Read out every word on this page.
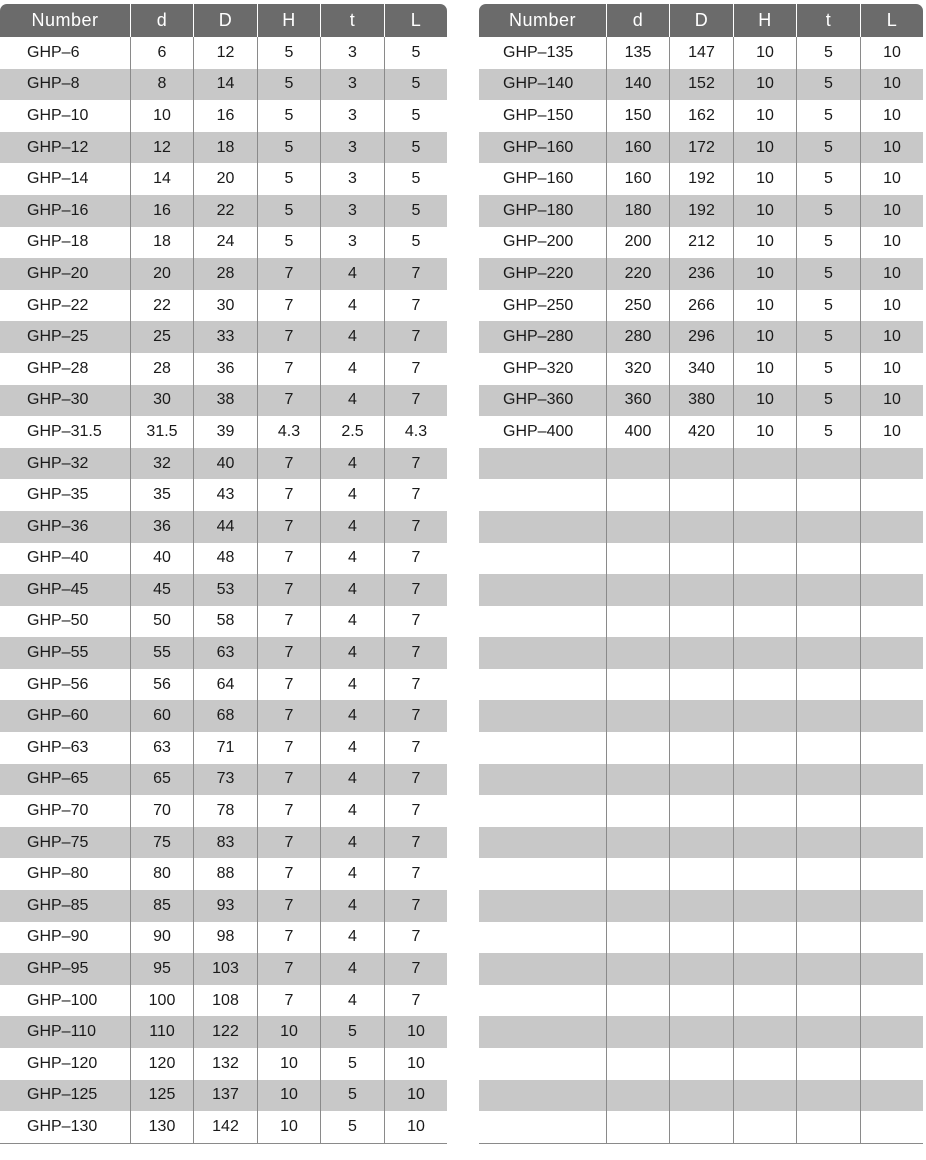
Number	d	D	H	t	L
GHP–6	6	12	5	3	5
GHP–8	8	14	5	3	5
GHP–10	10	16	5	3	5
GHP–12	12	18	5	3	5
GHP–14	14	20	5	3	5
GHP–16	16	22	5	3	5
GHP–18	18	24	5	3	5
GHP–20	20	28	7	4	7
GHP–22	22	30	7	4	7
GHP–25	25	33	7	4	7
GHP–28	28	36	7	4	7
GHP–30	30	38	7	4	7
GHP–31.5	31.5	39	4.3	2.5	4.3
GHP–32	32	40	7	4	7
GHP–35	35	43	7	4	7
GHP–36	36	44	7	4	7
GHP–40	40	48	7	4	7
GHP–45	45	53	7	4	7
GHP–50	50	58	7	4	7
GHP–55	55	63	7	4	7
GHP–56	56	64	7	4	7
GHP–60	60	68	7	4	7
GHP–63	63	71	7	4	7
GHP–65	65	73	7	4	7
GHP–70	70	78	7	4	7
GHP–75	75	83	7	4	7
GHP–80	80	88	7	4	7
GHP–85	85	93	7	4	7
GHP–90	90	98	7	4	7
GHP–95	95	103	7	4	7
GHP–100	100	108	7	4	7
GHP–110	110	122	10	5	10
GHP–120	120	132	10	5	10
GHP–125	125	137	10	5	10
GHP–130	130	142	10	5	10
Number	d	D	H	t	L
GHP–135	135	147	10	5	10
GHP–140	140	152	10	5	10
GHP–150	150	162	10	5	10
GHP–160	160	172	10	5	10
GHP–160	160	192	10	5	10
GHP–180	180	192	10	5	10
GHP–200	200	212	10	5	10
GHP–220	220	236	10	5	10
GHP–250	250	266	10	5	10
GHP–280	280	296	10	5	10
GHP–320	320	340	10	5	10
GHP–360	360	380	10	5	10
GHP–400	400	420	10	5	10
